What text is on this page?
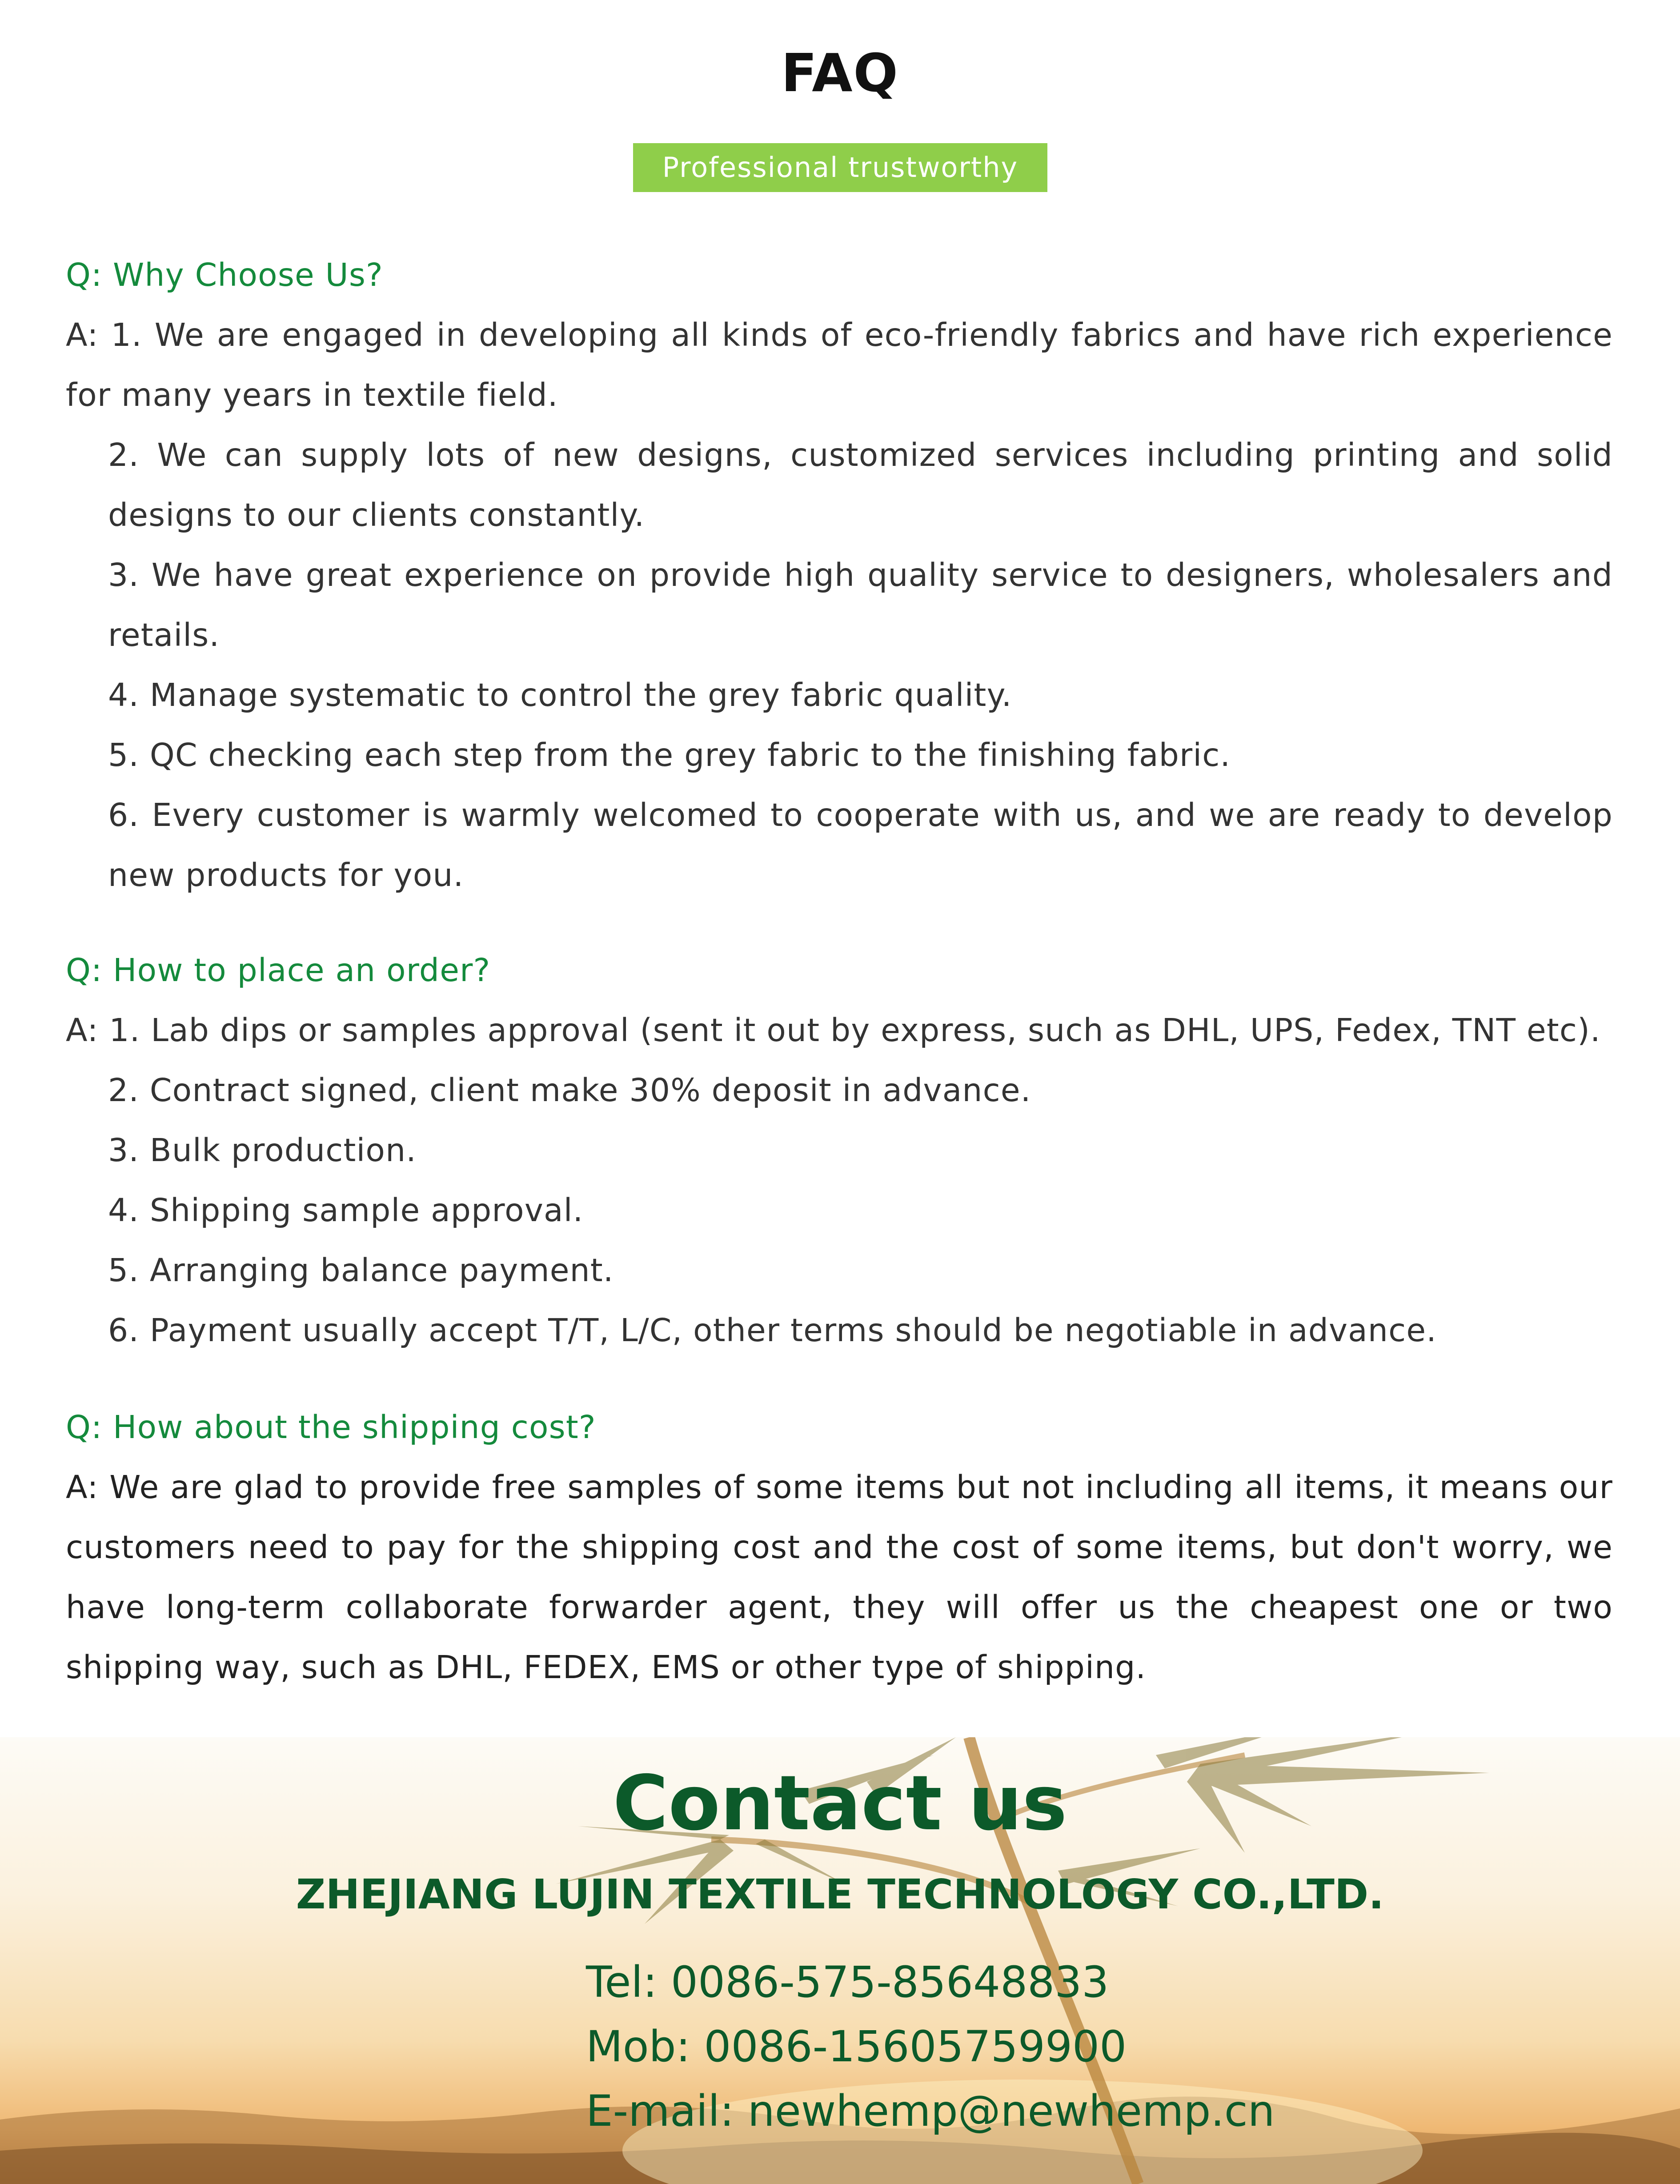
FAQ
Professional trustworthy

Q: Why Choose Us?

A: 1. We are engaged in developing all kinds of eco-friendly fabrics and have rich experience for many years in textile field.

2. We can supply lots of new designs, customized services including printing and solid designs to our clients constantly.

3. We have great experience on provide high quality service to designers, wholesalers and retails.

4. Manage systematic to control the grey fabric quality.

5. QC checking each step from the grey fabric to the finishing fabric.

6. Every customer is warmly welcomed to cooperate with us, and we are ready to develop new products for you.

Q: How to place an order?

A: 1. Lab dips or samples approval (sent it out by express, such as DHL, UPS, Fedex, TNT etc).

2. Contract signed, client make 30% deposit in advance.

3. Bulk production.

4. Shipping sample approval.

5. Arranging balance payment.

6. Payment usually accept T/T, L/C, other terms should be negotiable in advance.

Q: How about the shipping cost?

A: We are glad to provide free samples of some items but not including all items, it means our customers need to pay for the shipping cost and the cost of some items, but don't worry, we have long-term collaborate forwarder agent, they will offer us the cheapest one or two shipping way, such as DHL, FEDEX, EMS or other type of shipping.

Contact us

ZHEJIANG LUJIN TEXTILE TECHNOLOGY CO.,LTD.

Tel: 0086-575-85648833

Mob: 0086-15605759900

E-mail: newhemp@newhemp.cn
